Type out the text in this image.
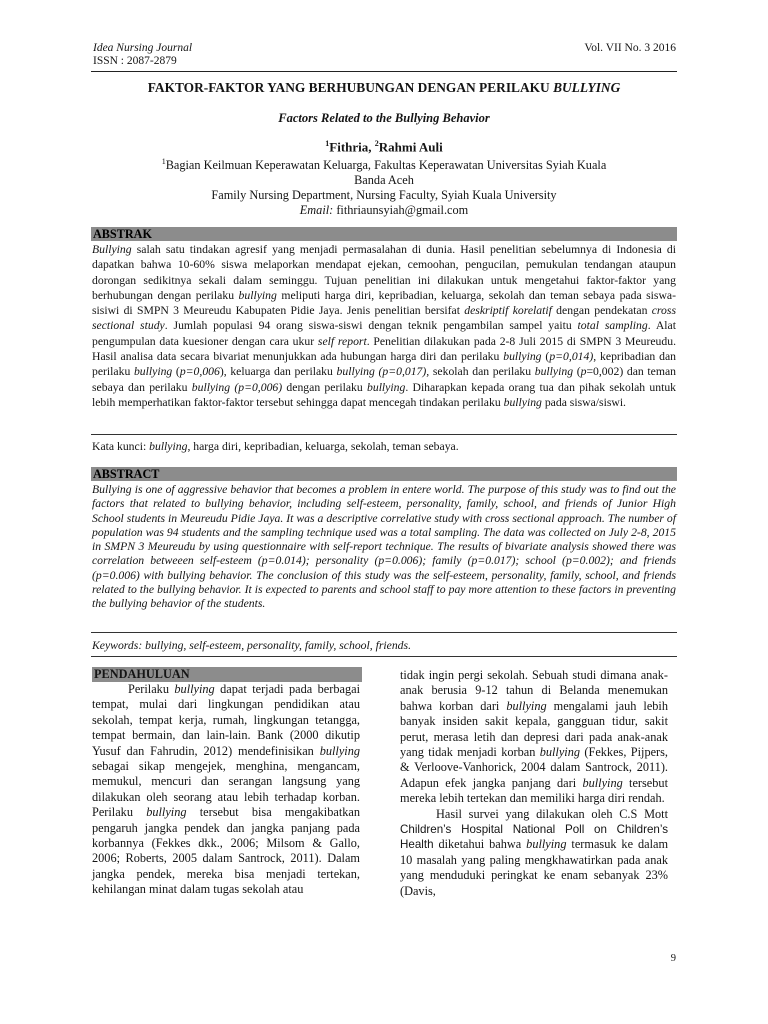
Idea Nursing Journal
ISSN : 2087-2879
Vol. VII No. 3 2016
FAKTOR-FAKTOR YANG BERHUBUNGAN DENGAN PERILAKU BULLYING
Factors Related to the Bullying Behavior
$^1$Fithria, $^2$Rahmi Auli
$^1$Bagian Keilmuan Keperawatan Keluarga, Fakultas Keperawatan Universitas Syiah Kuala
Banda Aceh
Family Nursing Department, Nursing Faculty, Syiah Kuala University
Email: fithriaunsyiah@gmail.com
ABSTRAK
Bullying salah satu tindakan agresif yang menjadi permasalahan di dunia. Hasil penelitian sebelumnya di Indonesia di dapatkan bahwa 10-60% siswa melaporkan mendapat ejekan, cemoohan, pengucilan, pemukulan tendangan ataupun dorongan sedikitnya sekali dalam seminggu. Tujuan penelitian ini dilakukan untuk mengetahui faktor-faktor yang berhubungan dengan perilaku bullying meliputi harga diri, kepribadian, keluarga, sekolah dan teman sebaya pada siswa-sisiwi di SMPN 3 Meureudu Kabupaten Pidie Jaya. Jenis penelitian bersifat deskriptif korelatif dengan pendekatan cross sectional study. Jumlah populasi 94 orang siswa-siswi dengan teknik pengambilan sampel yaitu total sampling. Alat pengumpulan data kuesioner dengan cara ukur self report. Penelitian dilakukan pada 2-8 Juli 2015 di SMPN 3 Meureudu. Hasil analisa data secara bivariat menunjukkan ada hubungan harga diri dan perilaku bullying (p=0,014), kepribadian dan perilaku bullying (p=0,006), keluarga dan perilaku bullying (p=0,017), sekolah dan perilaku bullying (p=0,002) dan teman sebaya dan perilaku bullying (p=0,006) dengan perilaku bullying. Diharapkan kepada orang tua dan pihak sekolah untuk lebih memperhatikan faktor-faktor tersebut sehingga dapat mencegah tindakan perilaku bullying pada siswa/siswi.
Kata kunci: bullying, harga diri, kepribadian, keluarga, sekolah, teman sebaya.
ABSTRACT
Bullying is one of aggressive behavior that becomes a problem in entere world. The purpose of this study was to find out the factors that related to bullying behavior, including self-esteem, personality, family, school, and friends of Junior High School students in Meureudu Pidie Jaya. It was a descriptive correlative study with cross sectional approach. The number of population was 94 students and the sampling technique used was a total sampling. The data was collected on July 2-8, 2015 in SMPN 3 Meureudu by using questionnaire with self-report technique. The results of bivariate analysis showed there was correlation betweeen self-esteem (p=0.014); personality (p=0.006); family (p=0.017); school (p=0.002); and friends (p=0.006) with bullying behavior. The conclusion of this study was the self-esteem, personality, family, school, and friends related to the bullying behavior. It is expected to parents and school staff to pay more attention to these factors in preventing the bullying behavior of the students.
Keywords: bullying, self-esteem, personality, family, school, friends.
PENDAHULUAN
Perilaku bullying dapat terjadi pada berbagai tempat, mulai dari lingkungan pendidikan atau sekolah, tempat kerja, rumah, lingkungan tetangga, tempat bermain, dan lain-lain. Bank (2000 dikutip Yusuf dan Fahrudin, 2012) mendefinisikan bullying sebagai sikap mengejek, menghina, mengancam, memukul, mencuri dan serangan langsung yang dilakukan oleh seorang atau lebih terhadap korban. Perilaku bullying tersebut bisa mengakibatkan pengaruh jangka pendek dan jangka panjang pada korbannya (Fekkes dkk., 2006; Milsom & Gallo, 2006; Roberts, 2005 dalam Santrock, 2011). Dalam jangka pendek, mereka bisa menjadi tertekan, kehilangan minat dalam tugas sekolah atau
tidak ingin pergi sekolah. Sebuah studi dimana anak-anak berusia 9-12 tahun di Belanda menemukan bahwa korban dari bullying mengalami jauh lebih banyak insiden sakit kepala, gangguan tidur, sakit perut, merasa letih dan depresi dari pada anak-anak yang tidak menjadi korban bullying (Fekkes, Pijpers, & Verloove-Vanhorick, 2004 dalam Santrock, 2011). Adapun efek jangka panjang dari bullying tersebut mereka lebih tertekan dan memiliki harga diri rendah.
Hasil survei yang dilakukan oleh C.S Mott Children’s Hospital National Poll on Children’s Health diketahui bahwa bullying termasuk ke dalam 10 masalah yang paling mengkhawatirkan pada anak yang menduduki peringkat ke enam sebanyak 23% (Davis,
9
